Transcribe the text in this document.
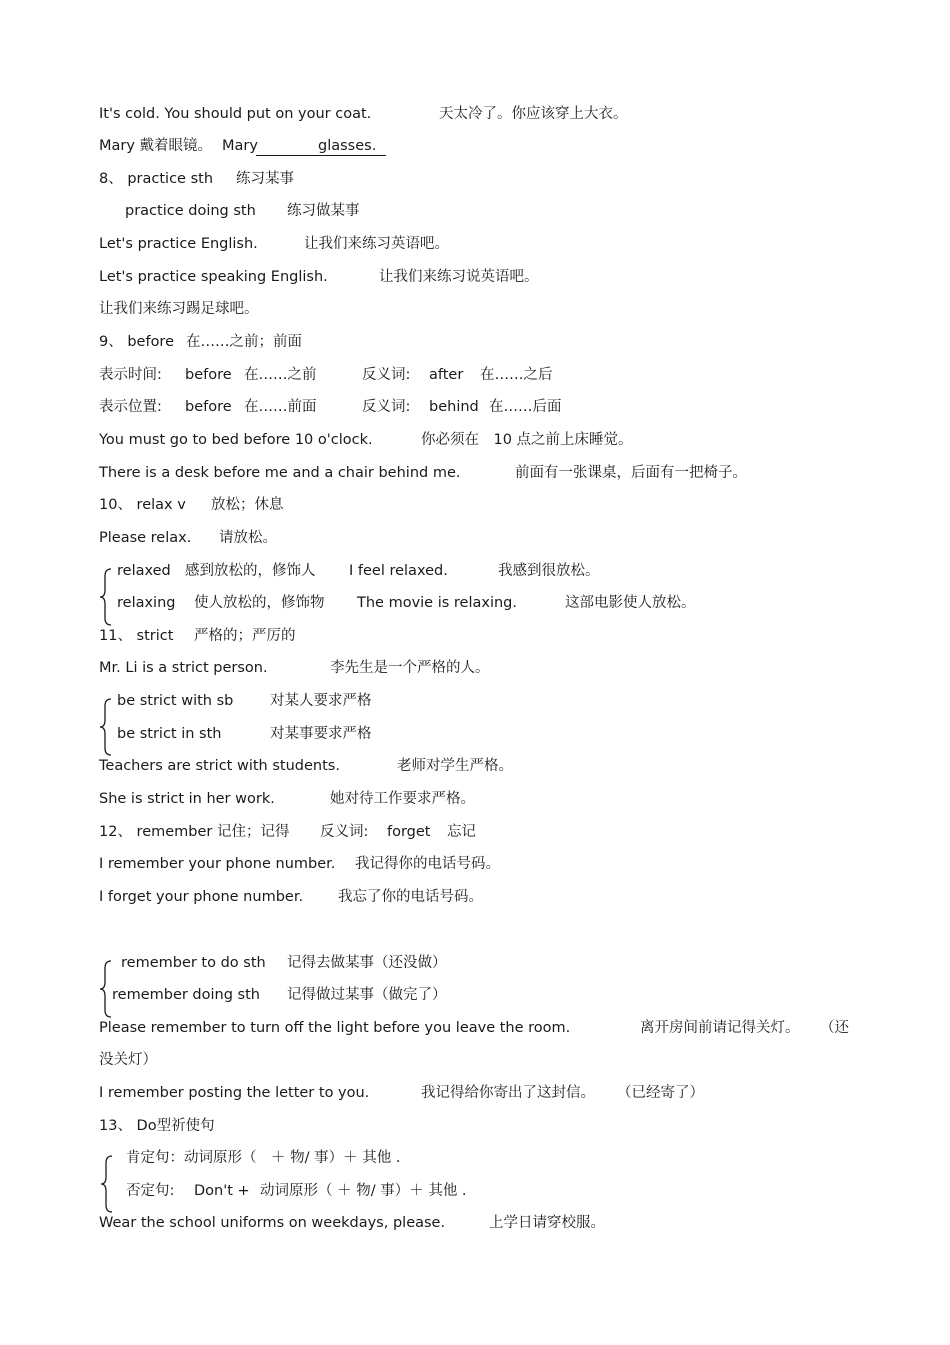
It's cold. You should put on your coat.	天太冷了。你应该穿上大衣。
Mary 戴着眼镜。 Mary	glasses.
8、 practice sth 练习某事
practice doing sth 练习做某事
Let's practice English.	让我们来练习英语吧。
Let's practice speaking English.	让我们来练习说英语吧。
让我们来练习踢足球吧。
9、 before 在……之前；前面
表示时间: before 在……之前	反义词: after 在……之后
表示位置: before 在……前面	反义词: behind 在……后面
You must go to bed before 10 o'clock.	你必须在　10 点之前上床睡觉。
There is a desk before me and a chair behind me.	前面有一张课桌，后面有一把椅子。
10、 relax v 放松；休息
Please relax. 请放松。
relaxed 感到放松的，修饰人 I feel relaxed.	我感到很放松。
relaxing 使人放松的，修饰物 The movie is relaxing.	这部电影使人放松。
11、 strict 严格的；严厉的
Mr. Li is a strict person.	李先生是一个严格的人。
be strict with sb	对某人要求严格
be strict in sth	对某事要求严格
Teachers are strict with students.	老师对学生严格。
She is strict in her work.	她对待工作要求严格。
12、 remember 记住；记得 反义词: forget 忘记
I remember your phone number. 我记得你的电话号码。
I forget your phone number. 我忘了你的电话号码。
remember to do sth 记得去做某事（还没做）
remember doing sth 记得做过某事（做完了）
Please remember to turn off the light before you leave the room.	离开房间前请记得关灯。 （还
没关灯）
I remember posting the letter to you.	我记得给你寄出了这封信。 （已经寄了）
13、 Do型祈使句
肯定句：动词原形（　＋ 物/ 事）＋ 其他 .
否定句: Don't + 动词原形（ ＋ 物/ 事）＋ 其他 .
Wear the school uniforms on weekdays, please.	上学日请穿校服。
